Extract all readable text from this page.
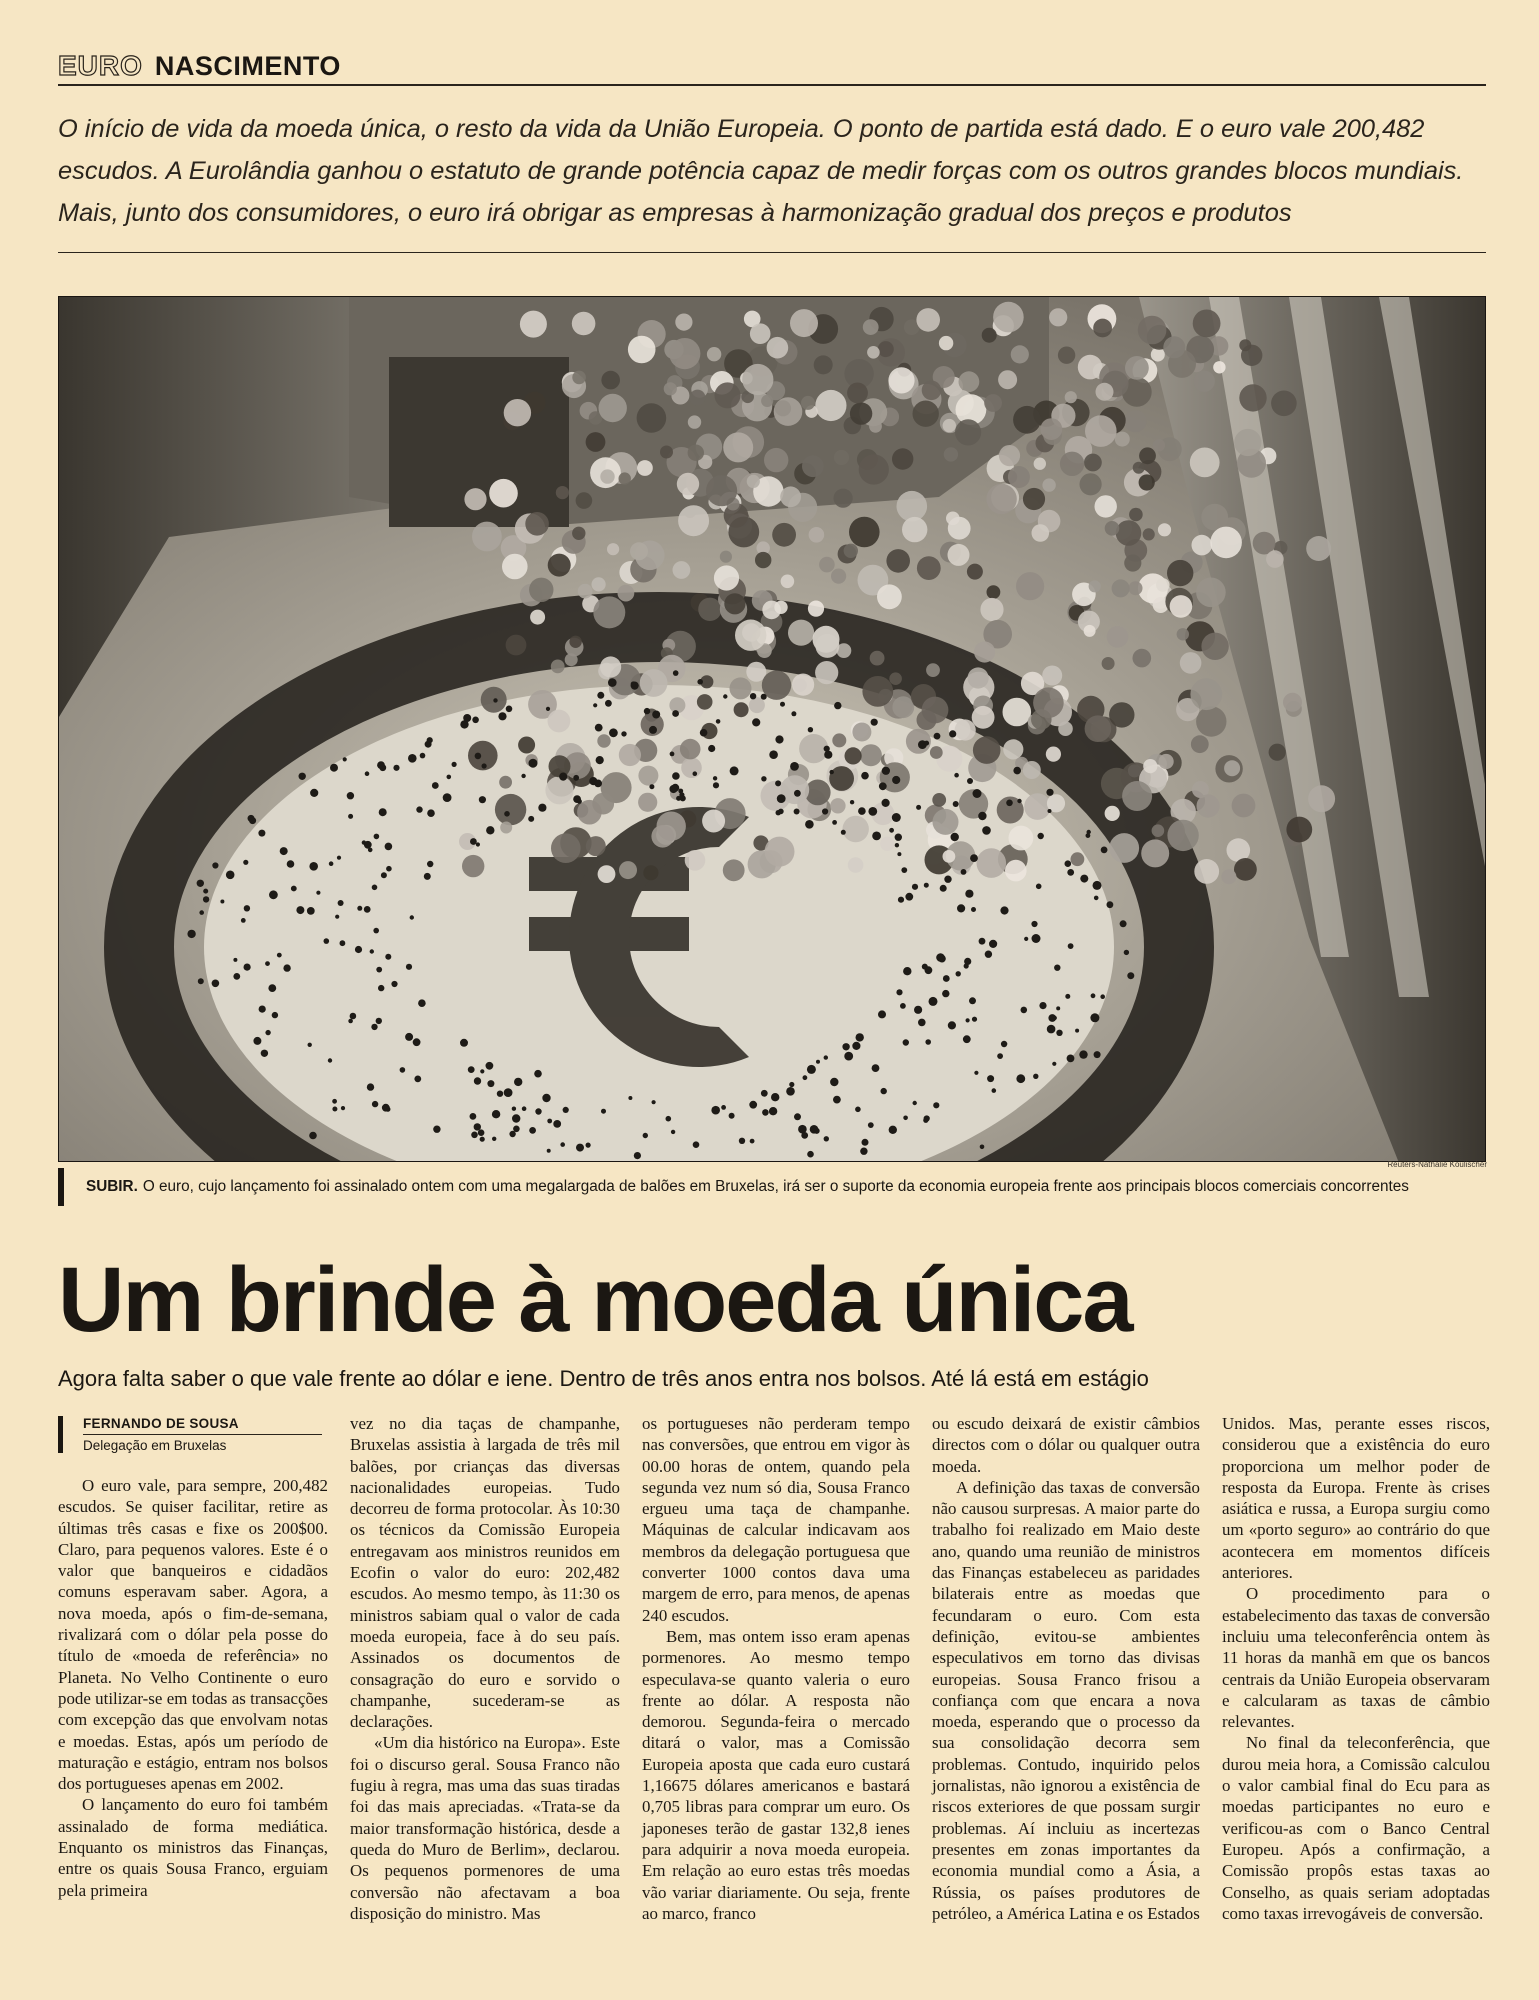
EURO NASCIMENTO

O início de vida da moeda única, o resto da vida da União Europeia. O ponto de partida está dado. E o euro vale 200,482 escudos. A Eurolândia ganhou o estatuto de grande potência capaz de medir forças com os outros grandes blocos mundiais. Mais, junto dos consumidores, o euro irá obrigar as empresas à harmonização gradual dos preços e produtos

Reuters-Nathalie Koulischer
SUBIR. O euro, cujo lançamento foi assinalado ontem com uma megalargada de balões em Bruxelas, irá ser o suporte da economia europeia frente aos principais blocos comerciais concorrentes
Um brinde à moeda única
Agora falta saber o que vale frente ao dólar e iene. Dentro de três anos entra nos bolsos. Até lá está em estágio
FERNANDO DE SOUSA
Delegação em Bruxelas

O euro vale, para sempre, 200,482 escudos. Se quiser facilitar, retire as últimas três casas e fixe os 200$00. Claro, para pequenos valores. Este é o valor que banqueiros e cidadãos comuns esperavam saber. Agora, a nova moeda, após o fim-de-semana, rivalizará com o dólar pela posse do título de «moeda de referência» no Planeta. No Velho Continente o euro pode utilizar-se em todas as transacções com excepção das que envolvam notas e moedas. Estas, após um período de maturação e estágio, entram nos bolsos dos portugueses apenas em 2002.

O lançamento do euro foi também assinalado de forma mediática. Enquanto os ministros das Finanças, entre os quais Sousa Franco, erguiam pela primeira

vez no dia taças de champanhe, Bruxelas assistia à largada de três mil balões, por crianças das diversas nacionalidades europeias. Tudo decorreu de forma protocolar. Às 10:30 os técnicos da Comissão Europeia entregavam aos ministros reunidos em Ecofin o valor do euro: 202,482 escudos. Ao mesmo tempo, às 11:30 os ministros sabiam qual o valor de cada moeda europeia, face à do seu país. Assinados os documentos de consagração do euro e sorvido o champanhe, sucederam-se as declarações.

«Um dia histórico na Europa». Este foi o discurso geral. Sousa Franco não fugiu à regra, mas uma das suas tiradas foi das mais apreciadas. «Trata-se da maior transformação histórica, desde a queda do Muro de Berlim», declarou. Os pequenos pormenores de uma conversão não afectavam a boa disposição do ministro. Mas

os portugueses não perderam tempo nas conversões, que entrou em vigor às 00.00 horas de ontem, quando pela segunda vez num só dia, Sousa Franco ergueu uma taça de champanhe. Máquinas de calcular indicavam aos membros da delegação portuguesa que converter 1000 contos dava uma margem de erro, para menos, de apenas 240 escudos.

Bem, mas ontem isso eram apenas pormenores. Ao mesmo tempo especulava-se quanto valeria o euro frente ao dólar. A resposta não demorou. Segunda-feira o mercado ditará o valor, mas a Comissão Europeia aposta que cada euro custará 1,16675 dólares americanos e bastará 0,705 libras para comprar um euro. Os japoneses terão de gastar 132,8 ienes para adquirir a nova moeda europeia. Em relação ao euro estas três moedas vão variar diariamente. Ou seja, frente ao marco, franco

ou escudo deixará de existir câmbios directos com o dólar ou qualquer outra moeda.

A definição das taxas de conversão não causou surpresas. A maior parte do trabalho foi realizado em Maio deste ano, quando uma reunião de ministros das Finanças estabeleceu as paridades bilaterais entre as moedas que fecundaram o euro. Com esta definição, evitou-se ambientes especulativos em torno das divisas europeias. Sousa Franco frisou a confiança com que encara a nova moeda, esperando que o processo da sua consolidação decorra sem problemas. Contudo, inquirido pelos jornalistas, não ignorou a existência de riscos exteriores de que possam surgir problemas. Aí incluiu as incertezas presentes em zonas importantes da economia mundial como a Ásia, a Rússia, os países produtores de petróleo, a América Latina e os Estados

Unidos. Mas, perante esses riscos, considerou que a existência do euro proporciona um melhor poder de resposta da Europa. Frente às crises asiática e russa, a Europa surgiu como um «porto seguro» ao contrário do que acontecera em momentos difíceis anteriores.

O procedimento para o estabelecimento das taxas de conversão incluiu uma teleconferência ontem às 11 horas da manhã em que os bancos centrais da União Europeia observaram e calcularam as taxas de câmbio relevantes.

No final da teleconferência, que durou meia hora, a Comissão calculou o valor cambial final do Ecu para as moedas participantes no euro e verificou-as com o Banco Central Europeu. Após a confirmação, a Comissão propôs estas taxas ao Conselho, as quais seriam adoptadas como taxas irrevogáveis de conversão.
